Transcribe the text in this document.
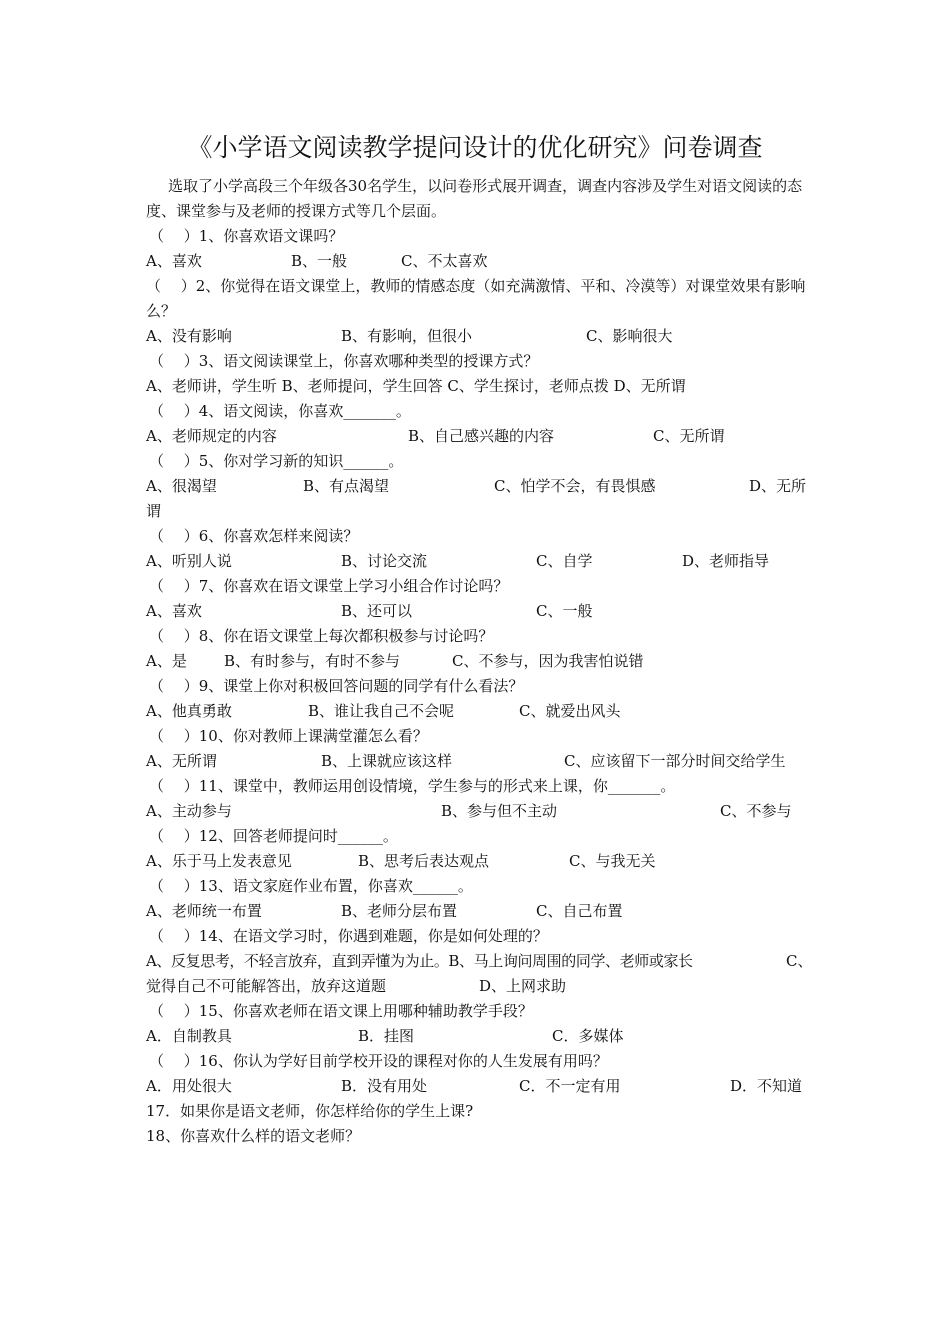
《小学语文阅读教学提问设计的优化研究》问卷调查
选取了小学高段三个年级各30名学生，以问卷形式展开调查，调查内容涉及学生对语文阅读的态度、课堂参与及老师的授课方式等几个层面。
（　 ）1、你喜欢语文课吗？
A、喜欢	B、一般	C、不太喜欢
（　 ）2、你觉得在语文课堂上，教师的情感态度（如充满激情、平和、冷漠等）对课堂效果有影响么？
A、没有影响	B、有影响，但很小	C、影响很大
（　 ）3、语文阅读课堂上，你喜欢哪种类型的授课方式？
A、老师讲，学生听 B、老师提问，学生回答 C、学生探讨，老师点拨 D、无所谓
（　 ）4、语文阅读，你喜欢_______。
A、老师规定的内容	B、自己感兴趣的内容	C、无所谓
（　 ）5、你对学习新的知识______。
A、很渴望	B、有点渴望	C、怕学不会，有畏惧感	D、无所
谓
（　 ）6、你喜欢怎样来阅读？
A、听别人说	B、讨论交流	C、自学	D、老师指导
（　 ）7、你喜欢在语文课堂上学习小组合作讨论吗？
A、喜欢	B、还可以	C、一般
（　 ）8、你在语文课堂上每次都积极参与讨论吗？
A、是 B、有时参与，有时不参与	C、不参与，因为我害怕说错
（　 ）9、课堂上你对积极回答问题的同学有什么看法？
A、他真勇敢	B、谁让我自己不会呢	C、就爱出风头
（　 ）10、你对教师上课满堂灌怎么看？
A、无所谓	B、上课就应该这样	C、应该留下一部分时间交给学生
（　 ）11、课堂中，教师运用创设情境，学生参与的形式来上课，你_______。
A、主动参与	B、参与但不主动	C、不参与
（　 ）12、回答老师提问时______。
A、乐于马上发表意见	B、思考后表达观点	C、与我无关
（　 ）13、语文家庭作业布置，你喜欢______。
A、老师统一布置	B、老师分层布置	C、自己布置
（　 ）14、在语文学习时，你遇到难题，你是如何处理的？
A、反复思考，不轻言放弃，直到弄懂为为止。B、马上询问周围的同学、老师或家长	C、
觉得自己不可能解答出，放弃这道题	D、上网求助
（　 ）15、你喜欢老师在语文课上用哪种辅助教学手段？
A．自制教具	B．挂图	C．多媒体
（　 ）16、你认为学好目前学校开设的课程对你的人生发展有用吗？
A．用处很大	B．没有用处	C．不一定有用	D．不知道
17．如果你是语文老师，你怎样给你的学生上课?
18、你喜欢什么样的语文老师？
